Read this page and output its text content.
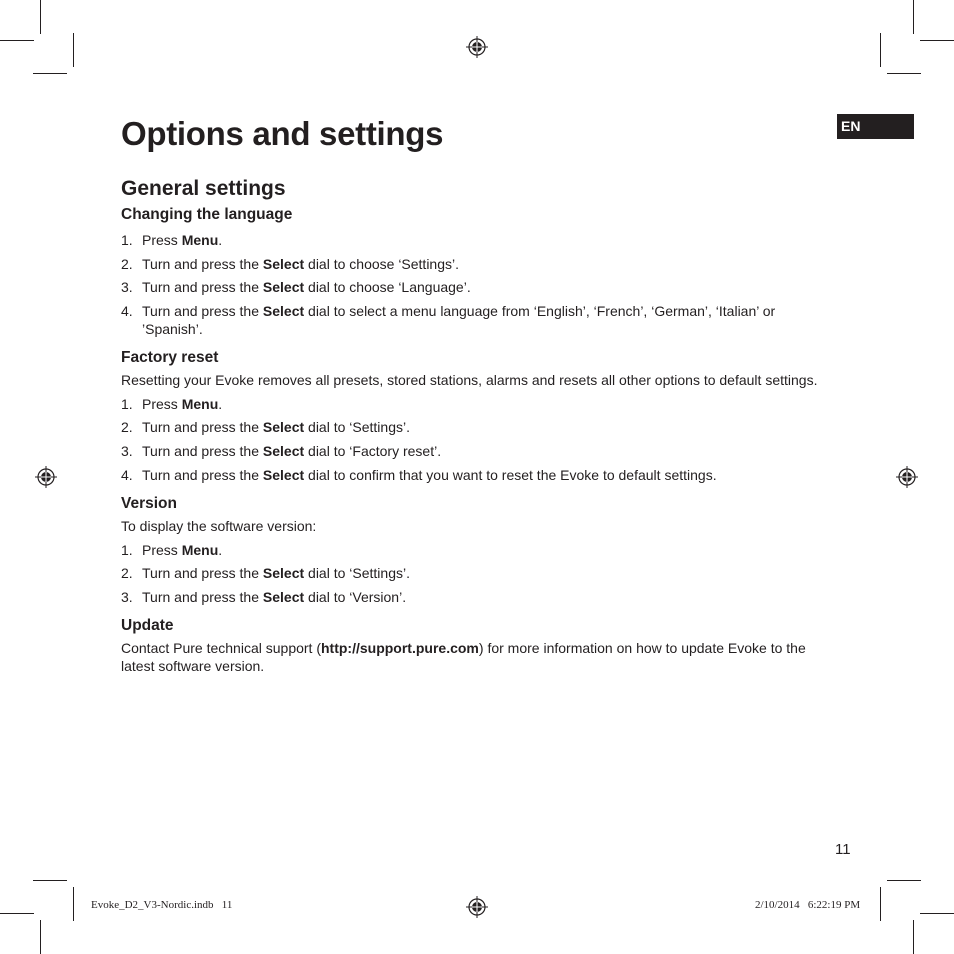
EN
Options and settings
General settings
Changing the language
1. Press Menu.
2. Turn and press the Select dial to choose ‘Settings’.
3. Turn and press the Select dial to choose ‘Language’.
4. Turn and press the Select dial to select a menu language from ‘English’, ‘French’, ‘German’, ‘Italian’ or ’Spanish’.
Factory reset

Resetting your Evoke removes all presets, stored stations, alarms and resets all other options to default settings.

1. Press Menu.
2. Turn and press the Select dial to ‘Settings’.
3. Turn and press the Select dial to ‘Factory reset’.
4. Turn and press the Select dial to confirm that you want to reset the Evoke to default settings.
Version

To display the software version:

1. Press Menu.
2. Turn and press the Select dial to ‘Settings’.
3. Turn and press the Select dial to ‘Version’.
Update

Contact Pure technical support (http://support.pure.com) for more information on how to update Evoke to the latest software version.

11
Evoke_D2_V3-Nordic.indb   11	2/10/2014   6:22:19 PM
